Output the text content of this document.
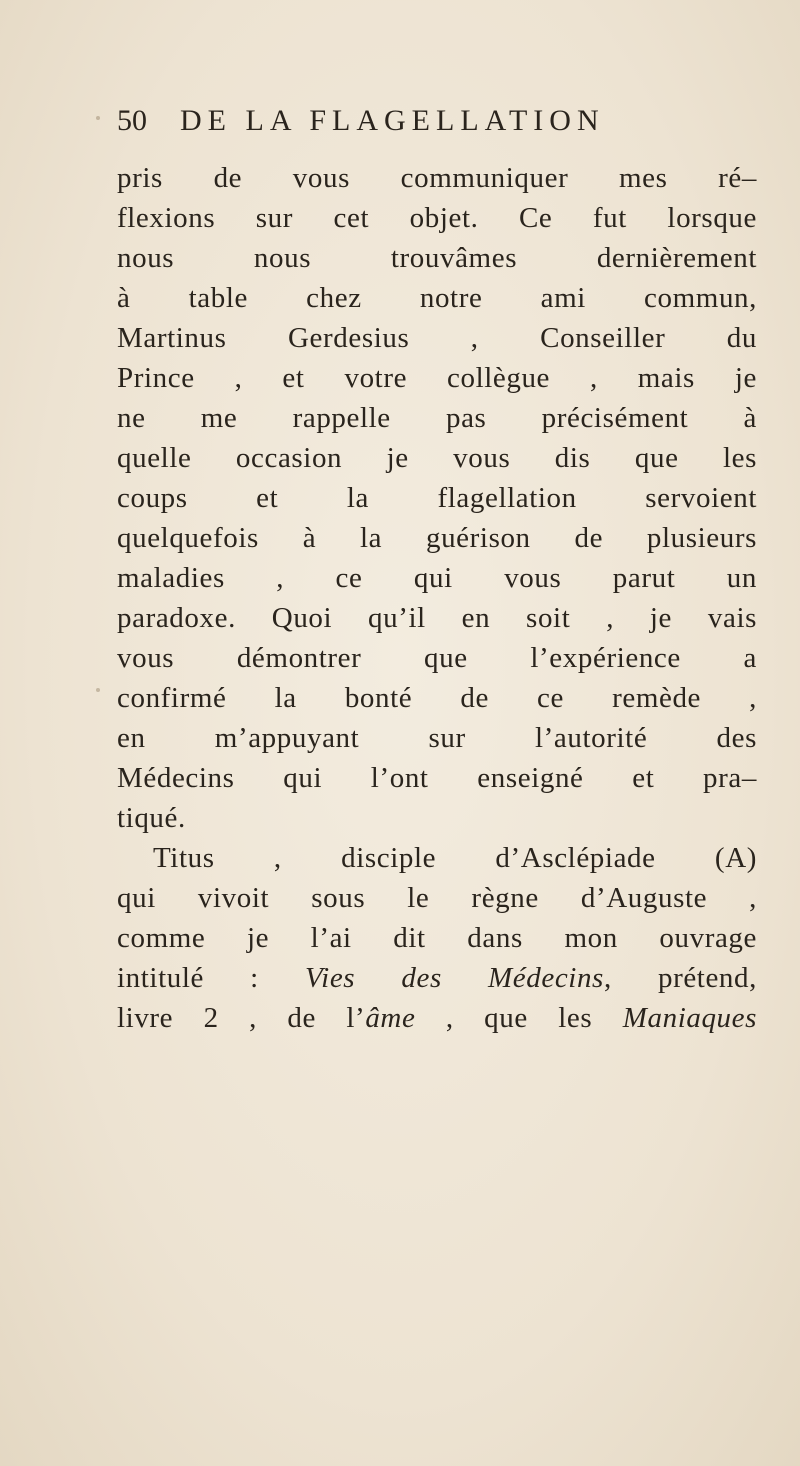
50 DE LA FLAGELLATION
pris de vous communiquer mes ré–
flexions sur cet objet. Ce fut lorsque
nous nous trouvâmes dernièrement
à table chez notre ami commun,
Martinus Gerdesius , Conseiller du
Prince , et votre collègue , mais je
ne me rappelle pas précisément à
quelle occasion je vous dis que les
coups et la flagellation servoient
quelquefois à la guérison de plusieurs
maladies , ce qui vous parut un
paradoxe. Quoi qu’il en soit , je vais
vous démontrer que l’expérience a
confirmé la bonté de ce remède ,
en m’appuyant sur l’autorité des
Médecins qui l’ont enseigné et pra–
tiqué.
Titus , disciple d’Asclépiade (A)
qui vivoit sous le règne d’Auguste ,
comme je l’ai dit dans mon ouvrage
intitulé : Vies des Médecins, prétend,
livre 2 , de l’âme , que les Maniaques
